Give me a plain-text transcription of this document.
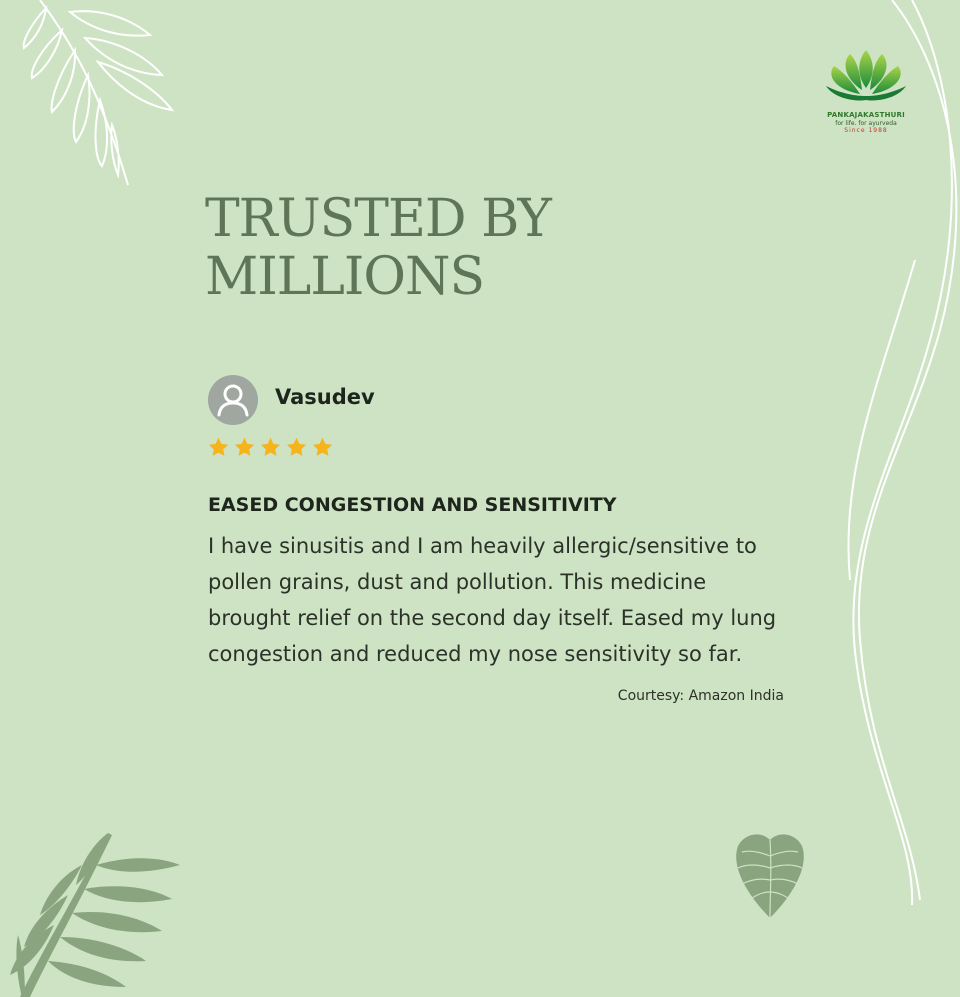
PANKAJAKASTHURI
for life. for ayurveda
Since 1988
TRUSTED BY
MILLIONS
Vasudev
EASED CONGESTION AND SENSITIVITY
I have sinusitis and I am heavily allergic/sensitive to
pollen grains, dust and pollution. This medicine
brought relief on the second day itself. Eased my lung
congestion and reduced my nose sensitivity so far.
Courtesy: Amazon India
